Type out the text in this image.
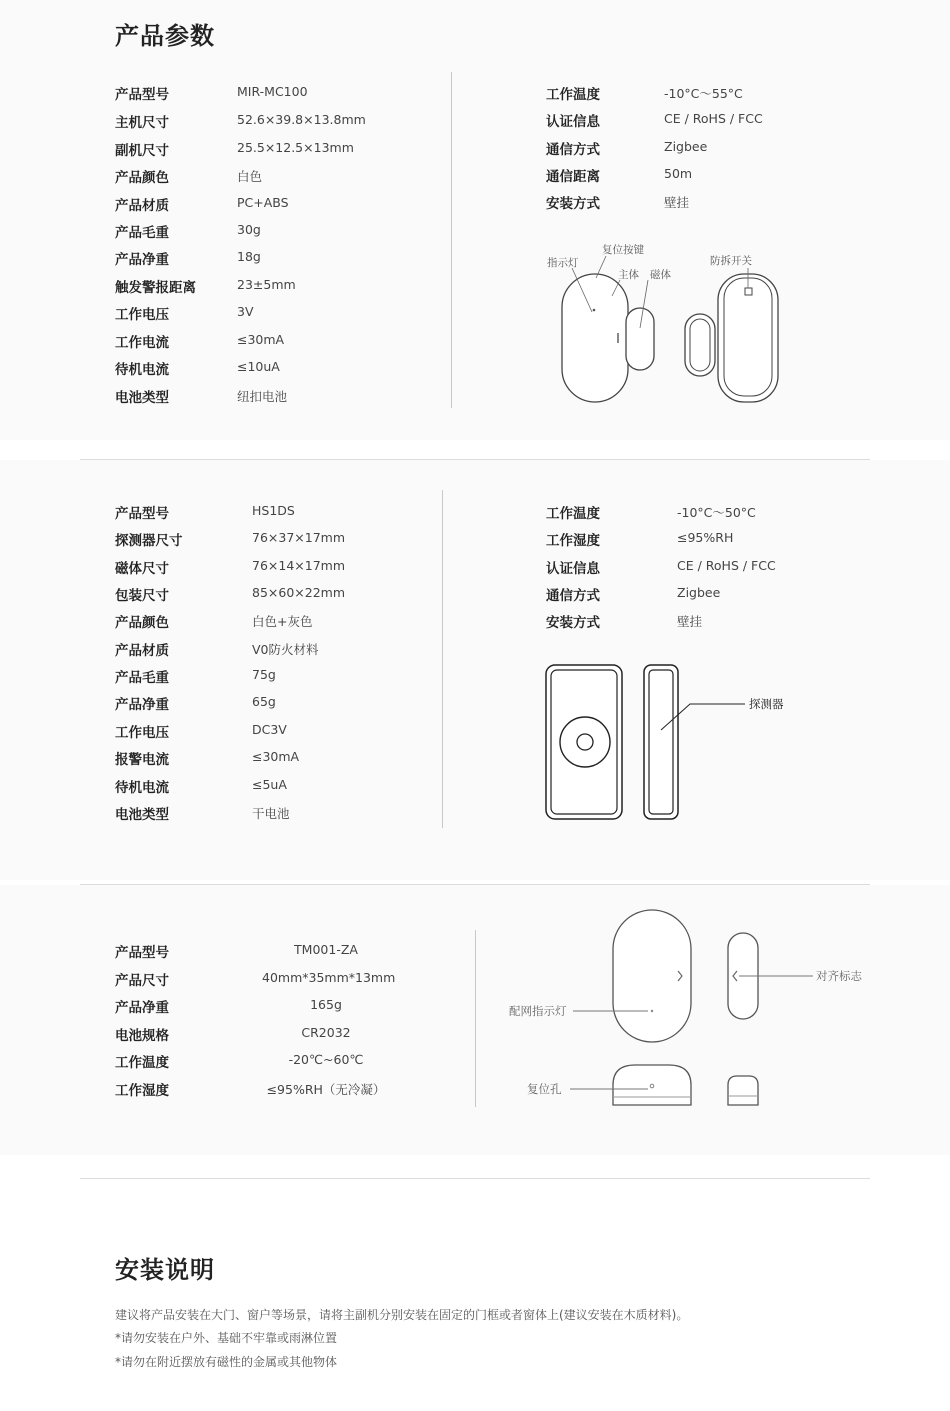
产品参数
产品型号	MIR-MC100
主机尺寸	52.6×39.8×13.8mm
副机尺寸	25.5×12.5×13mm
产品颜色	白色
产品材质	PC+ABS
产品毛重	30g
产品净重	18g
触发警报距离	23±5mm
工作电压	3V
工作电流	≤30mA
待机电流	≤10uA
电池类型	纽扣电池
工作温度	-10°C～55°C
认证信息	CE / RoHS / FCC
通信方式	Zigbee
通信距离	50m
安装方式	壁挂
指示灯
复位按键
主体 磁体
防拆开关
产品型号	HS1DS
探测器尺寸	76×37×17mm
磁体尺寸	76×14×17mm
包装尺寸	85×60×22mm
产品颜色	白色+灰色
产品材质	V0防火材料
产品毛重	75g
产品净重	65g
工作电压	DC3V
报警电流	≤30mA
待机电流	≤5uA
电池类型	干电池
工作温度	-10°C～50°C
工作湿度	≤95%RH
认证信息	CE / RoHS / FCC
通信方式	Zigbee
安装方式	壁挂
探测器
产品型号	TM001-ZA
产品尺寸	40mm*35mm*13mm
产品净重	165g
电池规格	CR2032
工作温度	-20℃~60℃
工作湿度	≤95%RH（无冷凝）
对齐标志
配网指示灯
复位孔
安装说明
建议将产品安装在大门、窗户等场景，请将主副机分别安装在固定的门框或者窗体上(建议安装在木质材料)。
*请勿安装在户外、基础不牢靠或雨淋位置
*请勿在附近摆放有磁性的金属或其他物体
